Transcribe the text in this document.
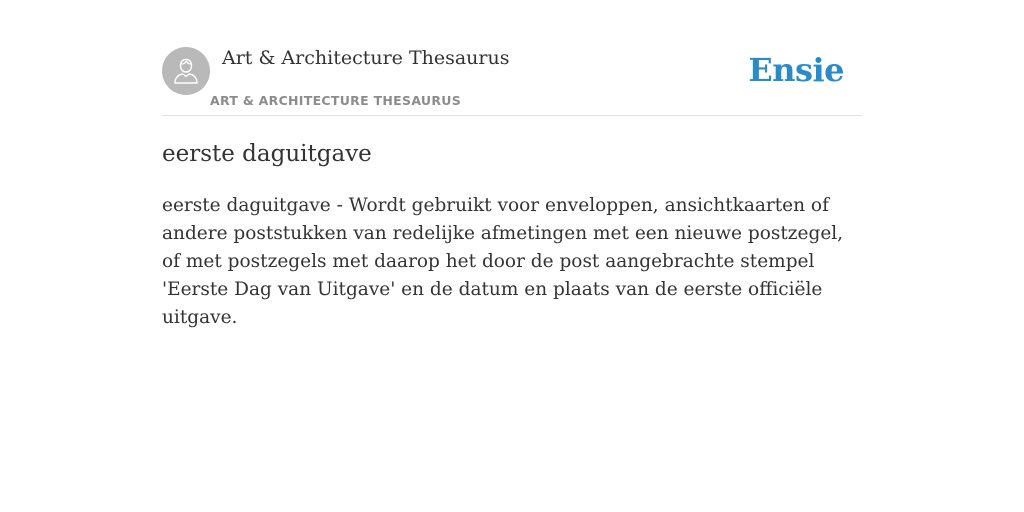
Art & Architecture Thesaurus
ART & ARCHITECTURE THESAURUS
Ensie
eerste daguitgave

eerste daguitgave - Wordt gebruikt voor enveloppen, ansichtkaarten of andere poststukken van redelijke afmetingen met een nieuwe postzegel, of met postzegels met daarop het door de post aangebrachte stempel 'Eerste Dag van Uitgave' en de datum en plaats van de eerste officiële uitgave.
